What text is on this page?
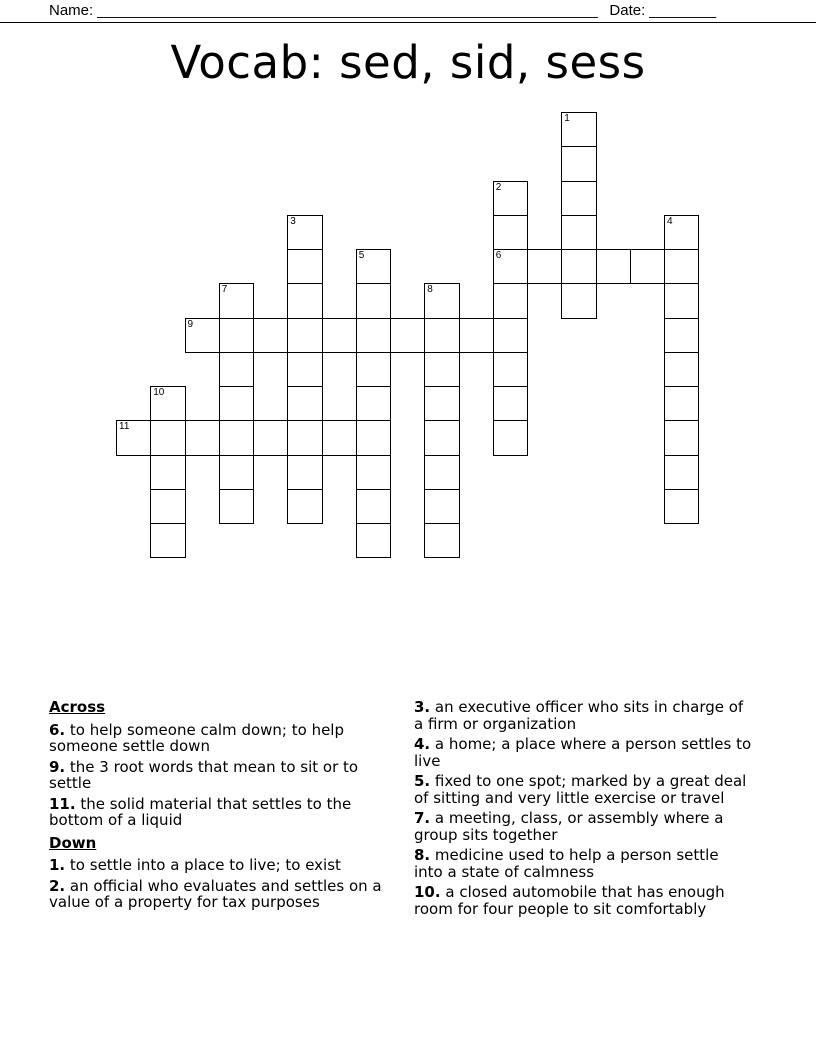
Name: ____________________________________________________________ Date: ________
Vocab: sed, sid, sess
1
2
6
3	4
5
7	8
9
10
11
Across

6. to help someone calm down; to help someone settle down

9. the 3 root words that mean to sit or to settle

11. the solid material that settles to the bottom of a liquid

Down

1. to settle into a place to live; to exist

2. an official who evaluates and settles on a value of a property for tax purposes

3. an executive officer who sits in charge of a firm or organization

4. a home; a place where a person settles to live

5. fixed to one spot; marked by a great deal of sitting and very little exercise or travel

7. a meeting, class, or assembly where a group sits together

8. medicine used to help a person settle into a state of calmness

10. a closed automobile that has enough room for four people to sit comfortably
